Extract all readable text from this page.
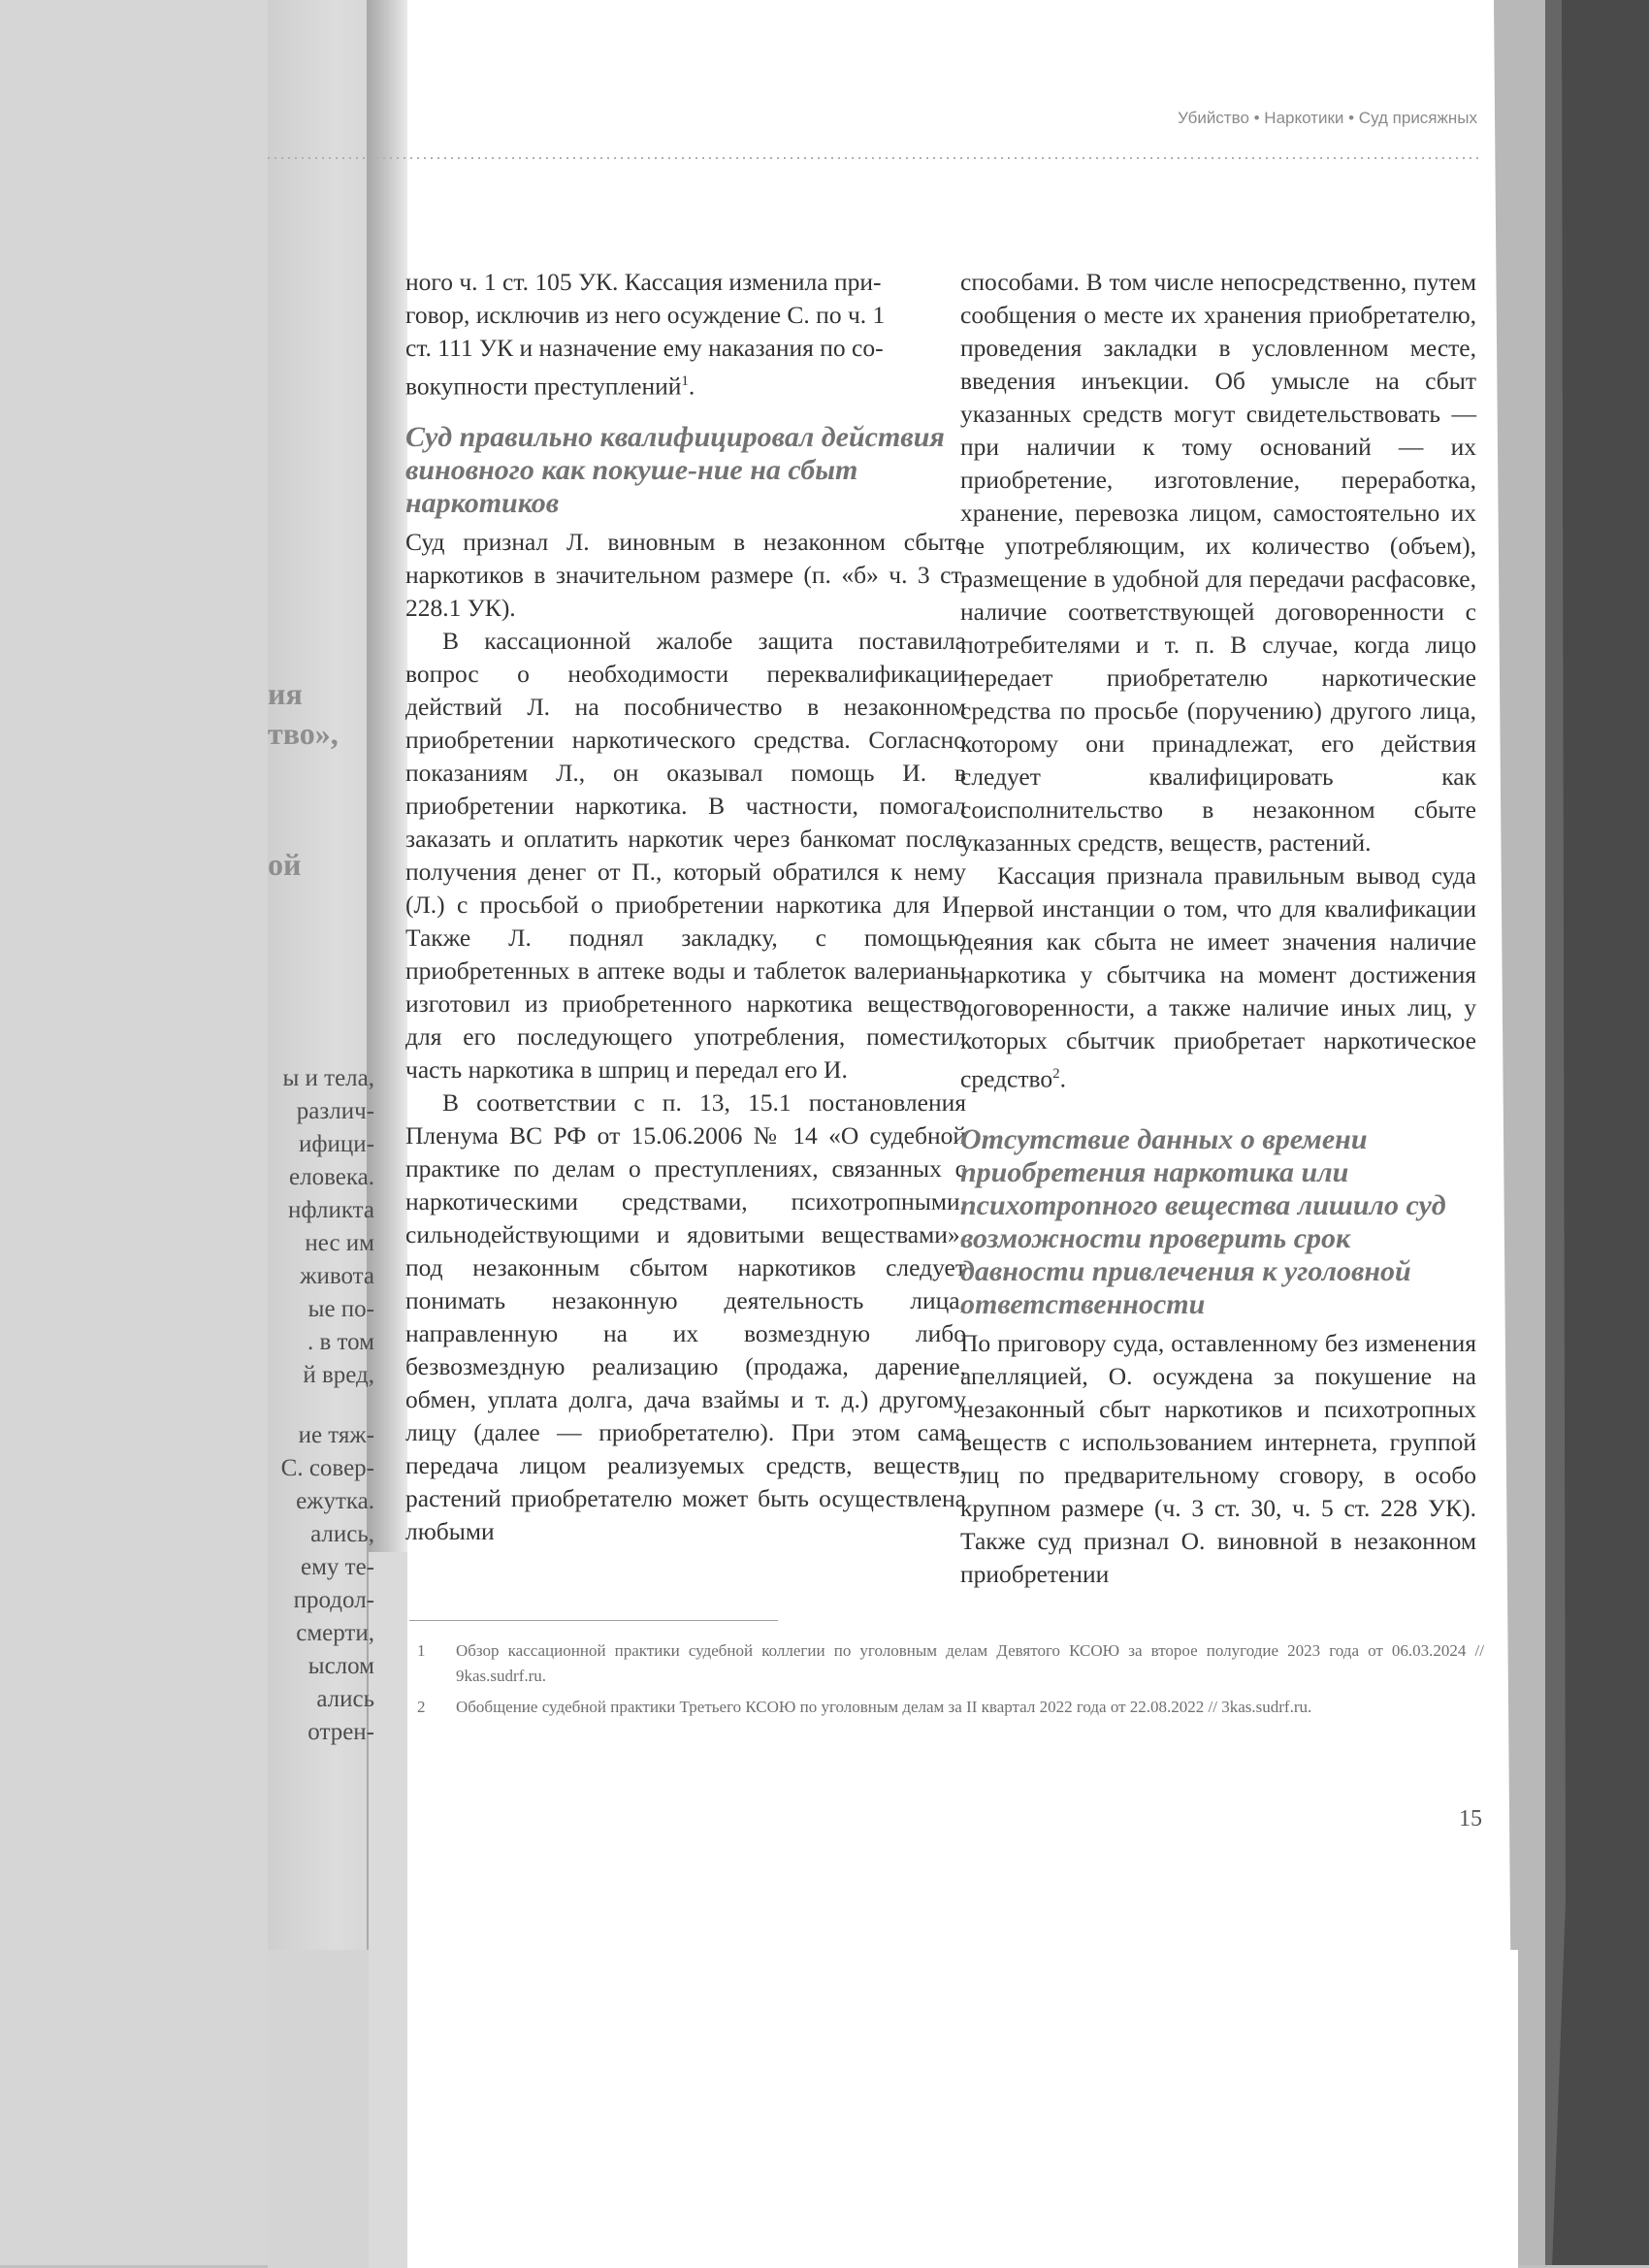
Убийство • Наркотики • Суд присяжных
ия
тво»,
ой
ы и тела,
различ-
ифици-
еловека.
нфликта
нес им
живота
ые по-
. в том
й вред,
ие тяж-
С. совер-
ежутка.
ались,
ему те-
продол-
смерти,
ыслом
ались
отрен-
ного ч. 1 ст. 105 УК. Кассация изменила при-
говор, исключив из него осуждение С. по ч. 1
ст. 111 УК и назначение ему наказания по со-
вокупности преступлений$^1$.
Суд правильно квалифицировал действия виновного как покуше-ние на сбыт наркотиков

Суд признал Л. виновным в незаконном сбыте наркотиков в значительном размере (п. «б» ч. 3 ст. 228.1 УК).

В кассационной жалобе защита поставила вопрос о необходимости переквалификации действий Л. на пособничество в незаконном приобретении наркотического средства. Согласно показаниям Л., он оказывал помощь И. в приобретении наркотика. В частности, помогал заказать и оплатить наркотик через банкомат после получения денег от П., который обратился к нему (Л.) с просьбой о приобретении наркотика для И. Также Л. поднял закладку, с помощью приобретенных в аптеке воды и таблеток валерианы изготовил из приобретенного наркотика вещество для его последующего употребления, поместил часть наркотика в шприц и передал его И.

В соответствии с п. 13, 15.1 постановления Пленума ВС РФ от 15.06.2006 № 14 «О судебной практике по делам о преступлениях, связанных с наркотическими средствами, психотропными, сильнодействующими и ядовитыми веществами», под незаконным сбытом наркотиков следует понимать незаконную деятельность лица, направленную на их возмездную либо безвозмездную реализацию (продажа, дарение, обмен, уплата долга, дача взаймы и т. д.) другому лицу (далее — приобретателю). При этом сама передача лицом реализуемых средств, веществ, растений приобретателю может быть осуществлена любыми

способами. В том числе непосредственно, путем сообщения о месте их хранения приобретателю, проведения закладки в условленном месте, введения инъекции. Об умысле на сбыт указанных средств могут свидетельствовать — при наличии к тому оснований — их приобретение, изготовление, переработка, хранение, перевозка лицом, самостоятельно их не употребляющим, их количество (объем), размещение в удобной для передачи расфасовке, наличие соответствующей договоренности с потребителями и т. п. В случае, когда лицо передает приобретателю наркотические средства по просьбе (поручению) другого лица, которому они принадлежат, его действия следует квалифицировать как соисполнительство в незаконном сбыте указанных средств, веществ, растений.

Кассация признала правильным вывод суда первой инстанции о том, что для квалификации деяния как сбыта не имеет значения наличие наркотика у сбытчика на момент достижения договоренности, а также наличие иных лиц, у которых сбытчик приобретает наркотическое средство$^2$.

Отсутствие данных о времени приобретения наркотика или психотропного вещества лишило суд возможности проверить срок давности привлечения к уголовной ответственности

По приговору суда, оставленному без изменения апелляцией, О. осуждена за покушение на незаконный сбыт наркотиков и психотропных веществ с использованием интернета, группой лиц по предварительному сговору, в особо крупном размере (ч. 3 ст. 30, ч. 5 ст. 228 УК). Также суд признал О. виновной в незаконном приобретении

1	Обзор кассационной практики судебной коллегии по уголовным делам Девятого КСОЮ за второе полугодие 2023 года от 06.03.2024 // 9kas.sudrf.ru.
2	Обобщение судебной практики Третьего КСОЮ по уголовным делам за II квартал 2022 года от 22.08.2022 // 3kas.sudrf.ru.
15
